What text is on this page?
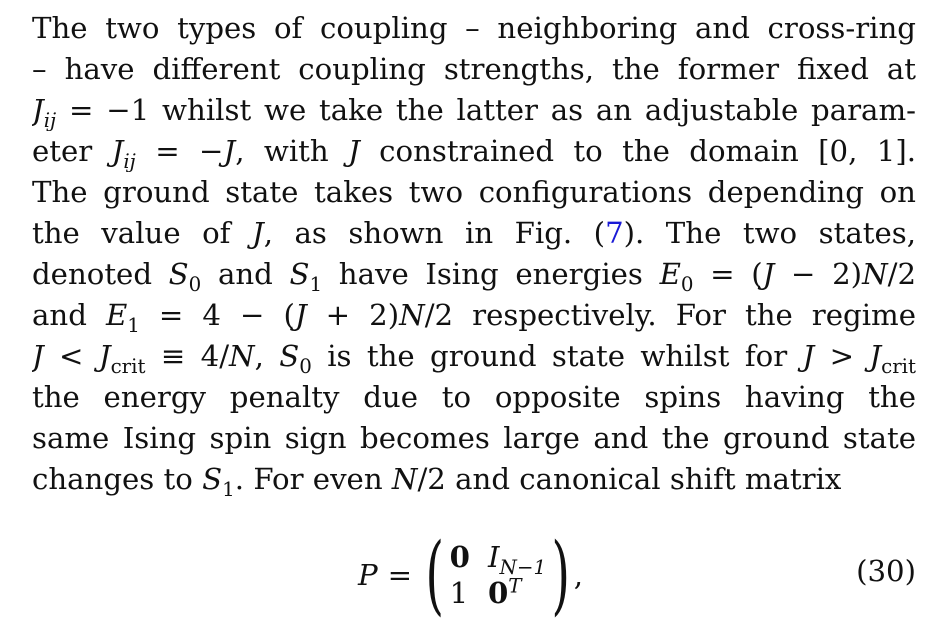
The two types of coupling – neighboring and cross-ring
– have different coupling strengths, the former fixed at
$J_{ij} = -1$ whilst we take the latter as an adjustable param-
eter $J_{ij} = -J$, with J constrained to the domain [0, 1].
The ground state takes two configurations depending on
the value of J, as shown in Fig. (7). The two states,
denoted $S_0$ and $S_1$ have Ising energies $E_0 = (J - 2)N/2$
and $E_1 = 4 - (J + 2)N/2$ respectively. For the regime
$J < J_{crit} \equiv 4/N$, $S_0$ is the ground state whilst for $J > J_{crit}$
the energy penalty due to opposite spins having the
same Ising spin sign becomes large and the ground state
changes to $S_1$. For even N/2 and canonical shift matrix
P = ( 0 $I_{N-1}$
1 $0^T$ ) ,	(30)
